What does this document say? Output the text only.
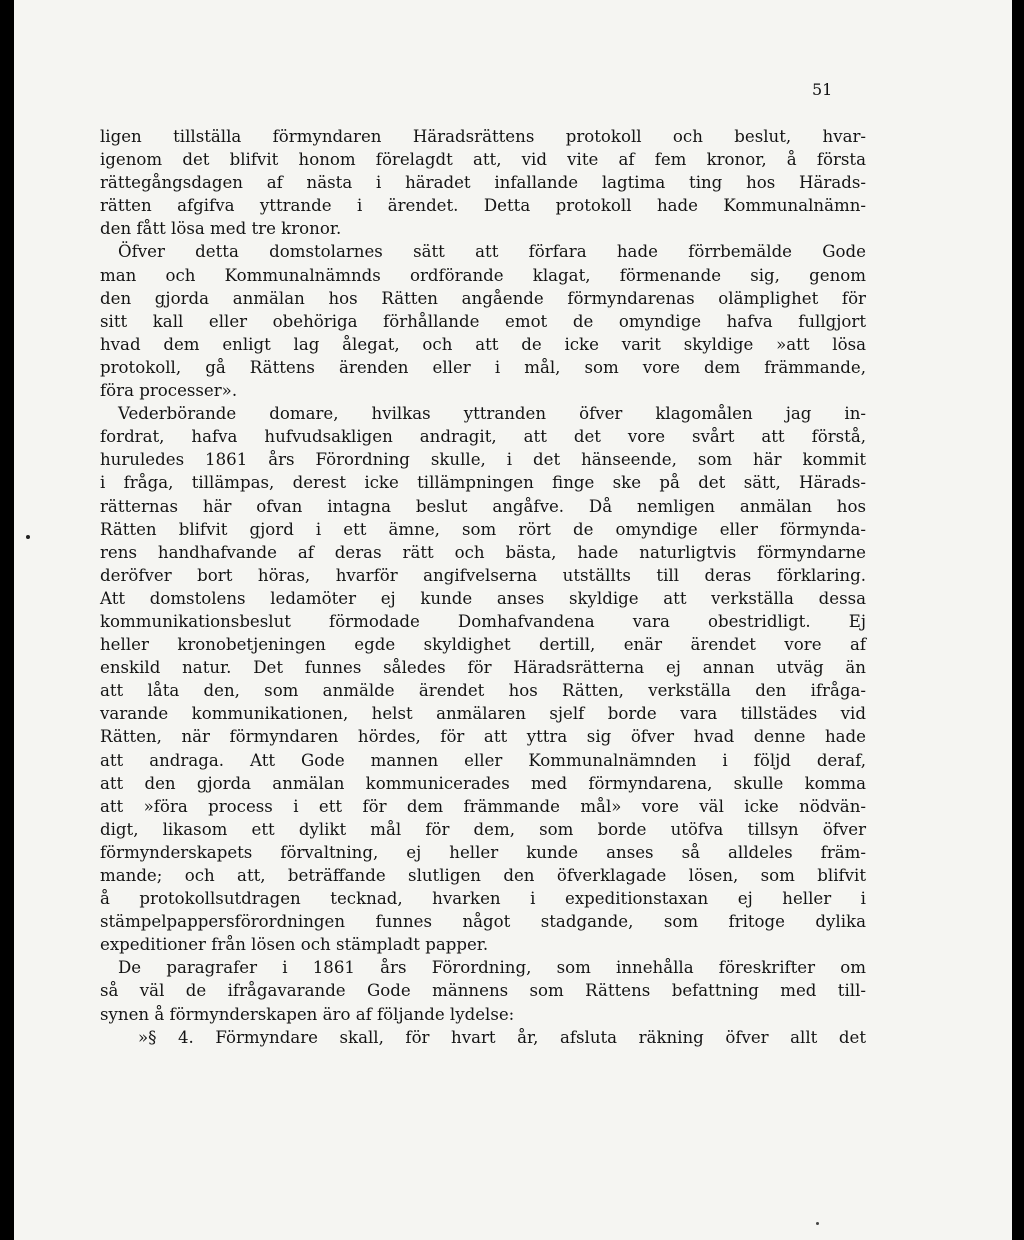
51
ligen tillställa förmyndaren Häradsrättens protokoll och beslut, hvar-
igenom det blifvit honom förelagdt att, vid vite af fem kronor, å första
rättegångsdagen af nästa i häradet infallande lagtima ting hos Härads-
rätten afgifva yttrande i ärendet. Detta protokoll hade Kommunalnämn-
den fått lösa med tre kronor.
Öfver detta domstolarnes sätt att förfara hade förrbemälde Gode
man och Kommunalnämnds ordförande klagat, förmenande sig, genom
den gjorda anmälan hos Rätten angående förmyndarenas olämplighet för
sitt kall eller obehöriga förhållande emot de omyndige hafva fullgjort
hvad dem enligt lag ålegat, och att de icke varit skyldige »att lösa
protokoll, gå Rättens ärenden eller i mål, som vore dem främmande,
föra processer».
Vederbörande domare, hvilkas yttranden öfver klagomålen jag in-
fordrat, hafva hufvudsakligen andragit, att det vore svårt att förstå,
huruledes 1861 års Förordning skulle, i det hänseende, som här kommit
i fråga, tillämpas, derest icke tillämpningen finge ske på det sätt, Härads-
rätternas här ofvan intagna beslut angåfve. Då nemligen anmälan hos
Rätten blifvit gjord i ett ämne, som rört de omyndige eller förmynda-
rens handhafvande af deras rätt och bästa, hade naturligtvis förmyndarne
deröfver bort höras, hvarför angifvelserna utställts till deras förklaring.
Att domstolens ledamöter ej kunde anses skyldige att verkställa dessa
kommunikationsbeslut förmodade Domhafvandena vara obestridligt. Ej
heller kronobetjeningen egde skyldighet dertill, enär ärendet vore af
enskild natur. Det funnes således för Häradsrätterna ej annan utväg än
att låta den, som anmälde ärendet hos Rätten, verkställa den ifråga-
varande kommunikationen, helst anmälaren sjelf borde vara tillstädes vid
Rätten, när förmyndaren hördes, för att yttra sig öfver hvad denne hade
att andraga. Att Gode mannen eller Kommunalnämnden i följd deraf,
att den gjorda anmälan kommunicerades med förmyndarena, skulle komma
att »föra process i ett för dem främmande mål» vore väl icke nödvän-
digt, likasom ett dylikt mål för dem, som borde utöfva tillsyn öfver
förmynderskapets förvaltning, ej heller kunde anses så alldeles främ-
mande; och att, beträffande slutligen den öfverklagade lösen, som blifvit
å protokollsutdragen tecknad, hvarken i expeditionstaxan ej heller i
stämpelpappersförordningen funnes något stadgande, som fritoge dylika
expeditioner från lösen och stämpladt papper.
De paragrafer i 1861 års Förordning, som innehålla föreskrifter om
så väl de ifrågavarande Gode männens som Rättens befattning med till-
synen å förmynderskapen äro af följande lydelse:
»§ 4. Förmyndare skall, för hvart år, afsluta räkning öfver allt det
